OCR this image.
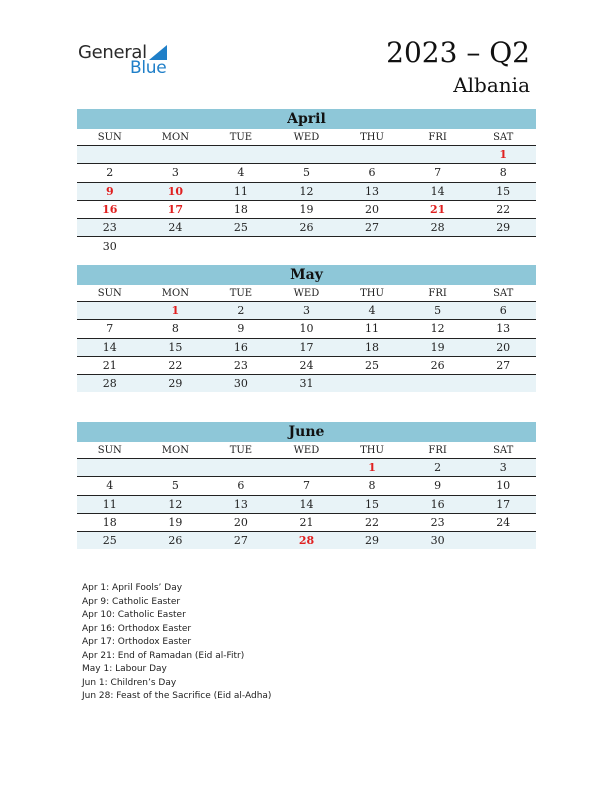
General
Blue	2023 – Q2
Albania
April
SUN	MON	TUE	WED	THU	FRI	SAT
						1
2	3	4	5	6	7	8
9	10	11	12	13	14	15
16	17	18	19	20	21	22
23	24	25	26	27	28	29
30						
May
SUN	MON	TUE	WED	THU	FRI	SAT
	1	2	3	4	5	6
7	8	9	10	11	12	13
14	15	16	17	18	19	20
21	22	23	24	25	26	27
28	29	30	31			
June
SUN	MON	TUE	WED	THU	FRI	SAT
				1	2	3
4	5	6	7	8	9	10
11	12	13	14	15	16	17
18	19	20	21	22	23	24
25	26	27	28	29	30	
Apr 1: April Fools’ Day
Apr 9: Catholic Easter
Apr 10: Catholic Easter
Apr 16: Orthodox Easter
Apr 17: Orthodox Easter
Apr 21: End of Ramadan (Eid al-Fitr)
May 1: Labour Day
Jun 1: Children’s Day
Jun 28: Feast of the Sacrifice (Eid al-Adha)
